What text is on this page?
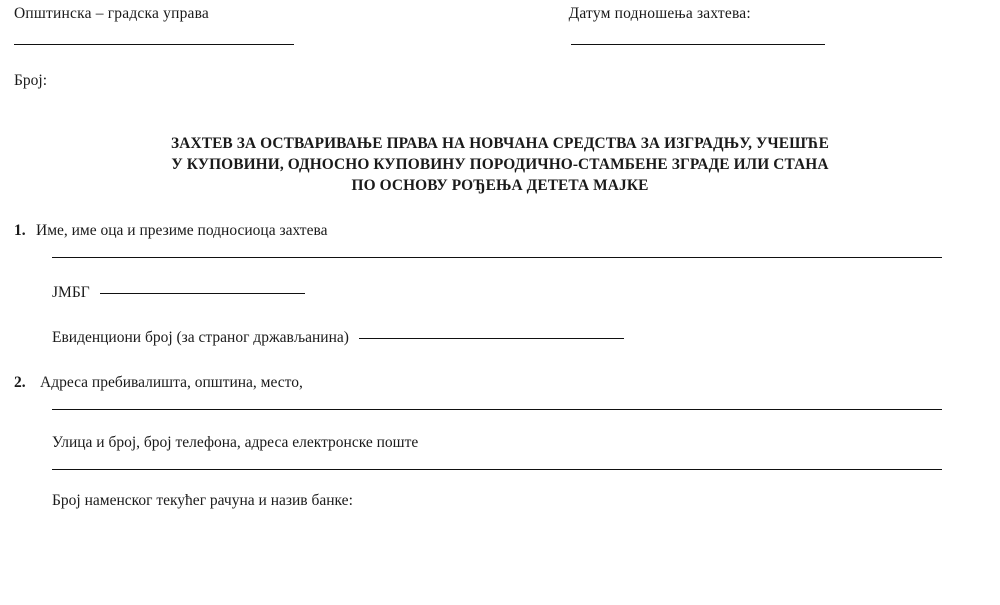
Општинска – градска управа	Датум подношења захтева:
Број:
ЗАХТЕВ ЗА ОСТВАРИВАЊЕ ПРАВА НА НОВЧАНА СРЕДСТВА ЗА ИЗГРАДЊУ, УЧЕШЋЕ
У КУПОВИНИ, ОДНОСНО КУПОВИНУ ПОРОДИЧНО-СТАМБЕНЕ ЗГРАДЕ ИЛИ СТАНА
ПО ОСНОВУ РОЂЕЊА ДЕТЕТА МАЈКЕ
1. Име, име оца и презиме подносиоца захтева
ЈМБГ
Евиденциони број (за страног држављанина)
2. Адреса пребивалишта, општина, место,
Улица и број, број телефона, адреса електронске поште
Број наменског текућег рачуна и назив банке:
